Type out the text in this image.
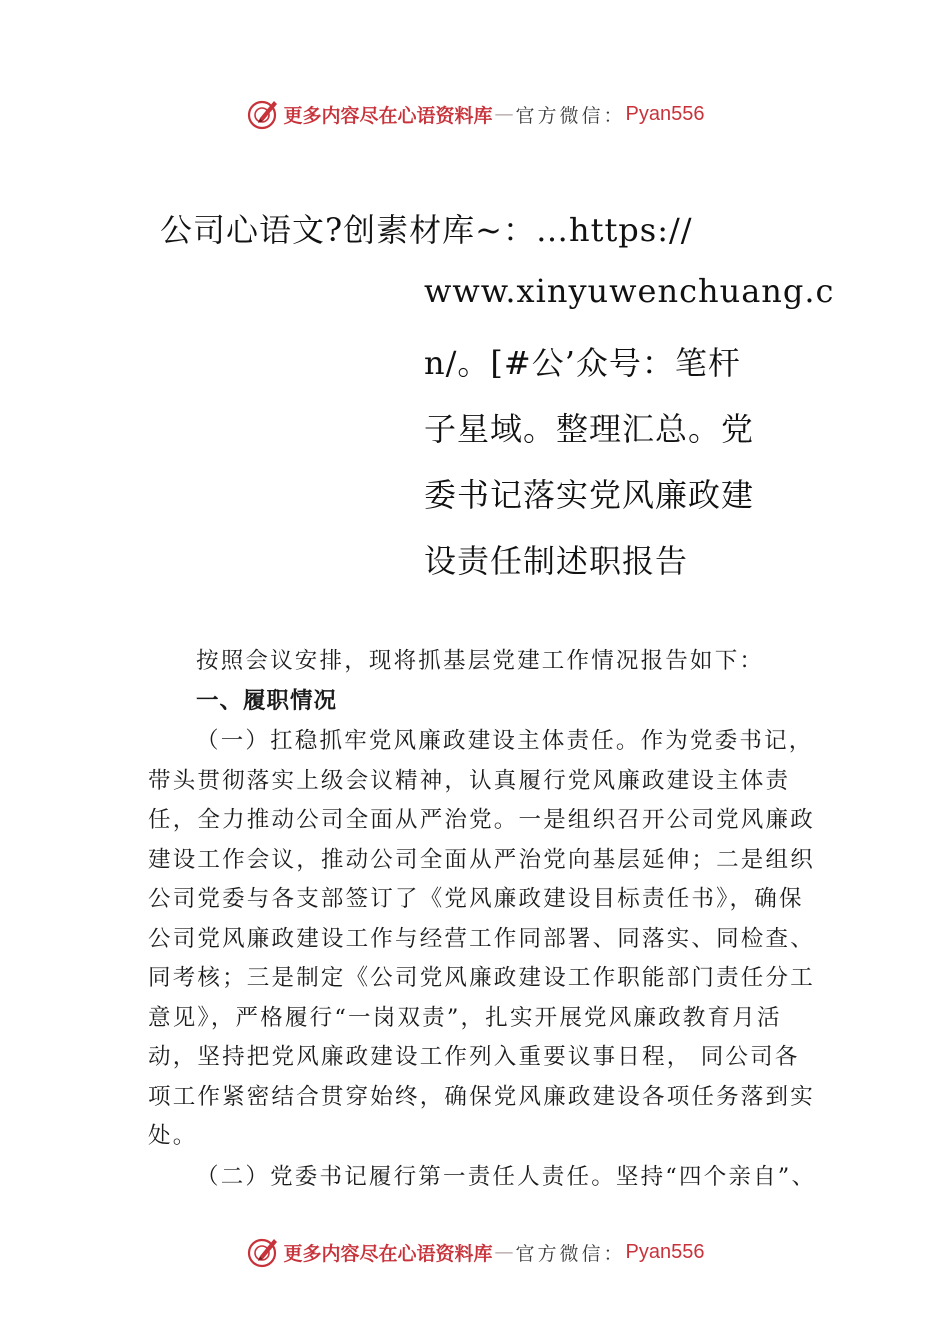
更多内容尽在心语资料库 — 官方微信： Pyan556
公司心语文?创素材库~：…https://
www.xinyuwenchuang.c
n/。[#公’众号：笔杆
子星域。整理汇总。党
委书记落实党风廉政建
设责任制述职报告
按照会议安排，现将抓基层党建工作情况报告如下：
一、履职情况
（一）扛稳抓牢党风廉政建设主体责任。作为党委书记，带头贯彻落实上级会议精神，认真履行党风廉政建设主体责任，全力推动公司全面从严治党。一是组织召开公司党风廉政建设工作会议，推动公司全面从严治党向基层延伸；二是组织公司党委与各支部签订了《党风廉政建设目标责任书》，确保公司党风廉政建设工作与经营工作同部署、同落实、同检查、同考核；三是制定《公司党风廉政建设工作职能部门责任分工意见》，严格履行“一岗双责”，扎实开展党风廉政教育月活动，坚持把党风廉政建设工作列入重要议事日程， 同公司各项工作紧密结合贯穿始终，确保党风廉政建设各项任务落到实处。
（二）党委书记履行第一责任人责任。坚持“四个亲自”、
更多内容尽在心语资料库 — 官方微信： Pyan556
